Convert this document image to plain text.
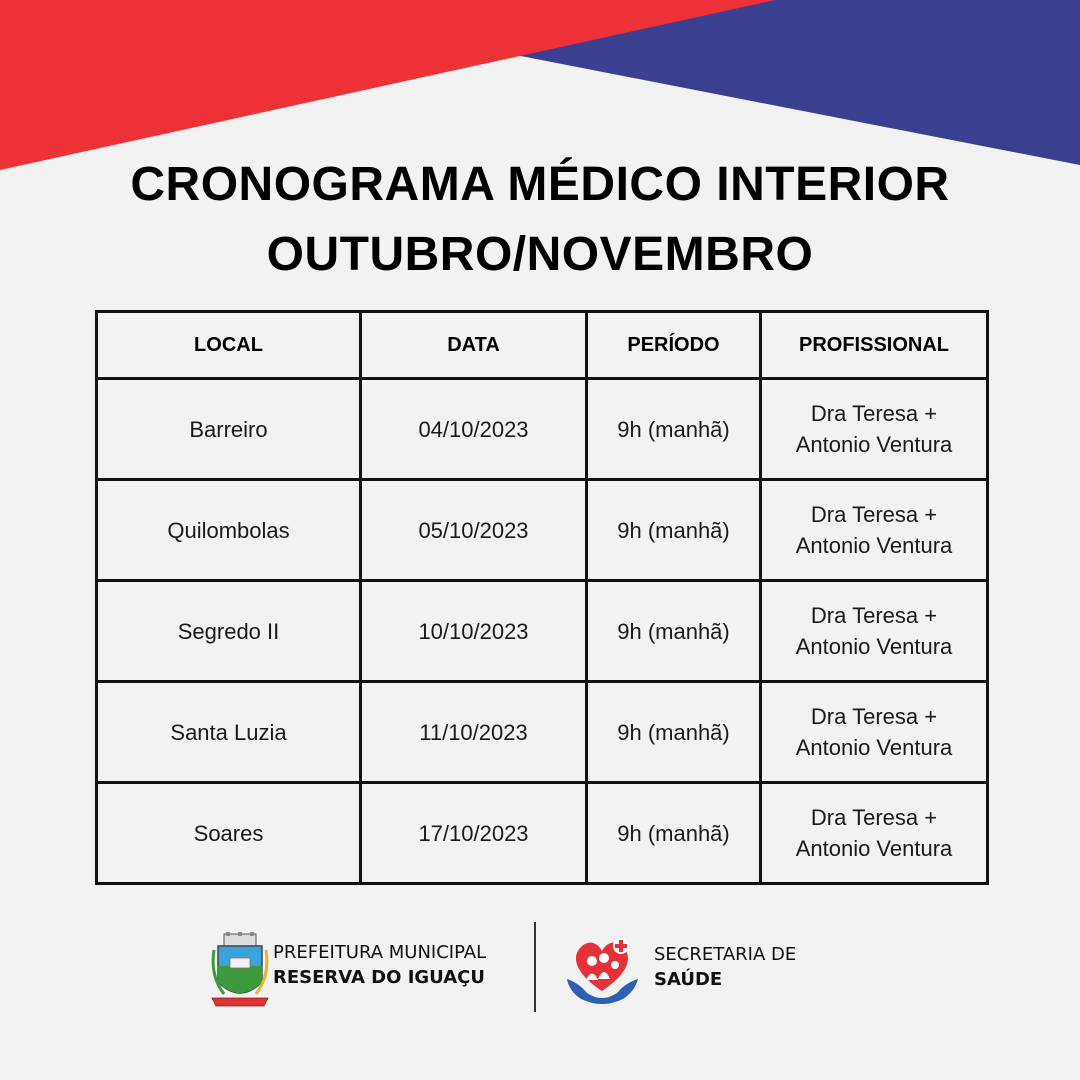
CRONOGRAMA MÉDICO INTERIOR
OUTUBRO/NOVEMBRO
LOCAL	DATA	PERÍODO	PROFISSIONAL
Barreiro	04/10/2023	9h (manhã)	Dra Teresa +
Antonio Ventura

Quilombolas	05/10/2023	9h (manhã)	Dra Teresa +
Antonio Ventura

Segredo II	10/10/2023	9h (manhã)	Dra Teresa +
Antonio Ventura

Santa Luzia	11/10/2023	9h (manhã)	Dra Teresa +
Antonio Ventura

Soares	17/10/2023	9h (manhã)	Dra Teresa +
Antonio Ventura
PREFEITURA MUNICIPAL
RESERVA DO IGUAÇU
SECRETARIA DE
SAÚDE
